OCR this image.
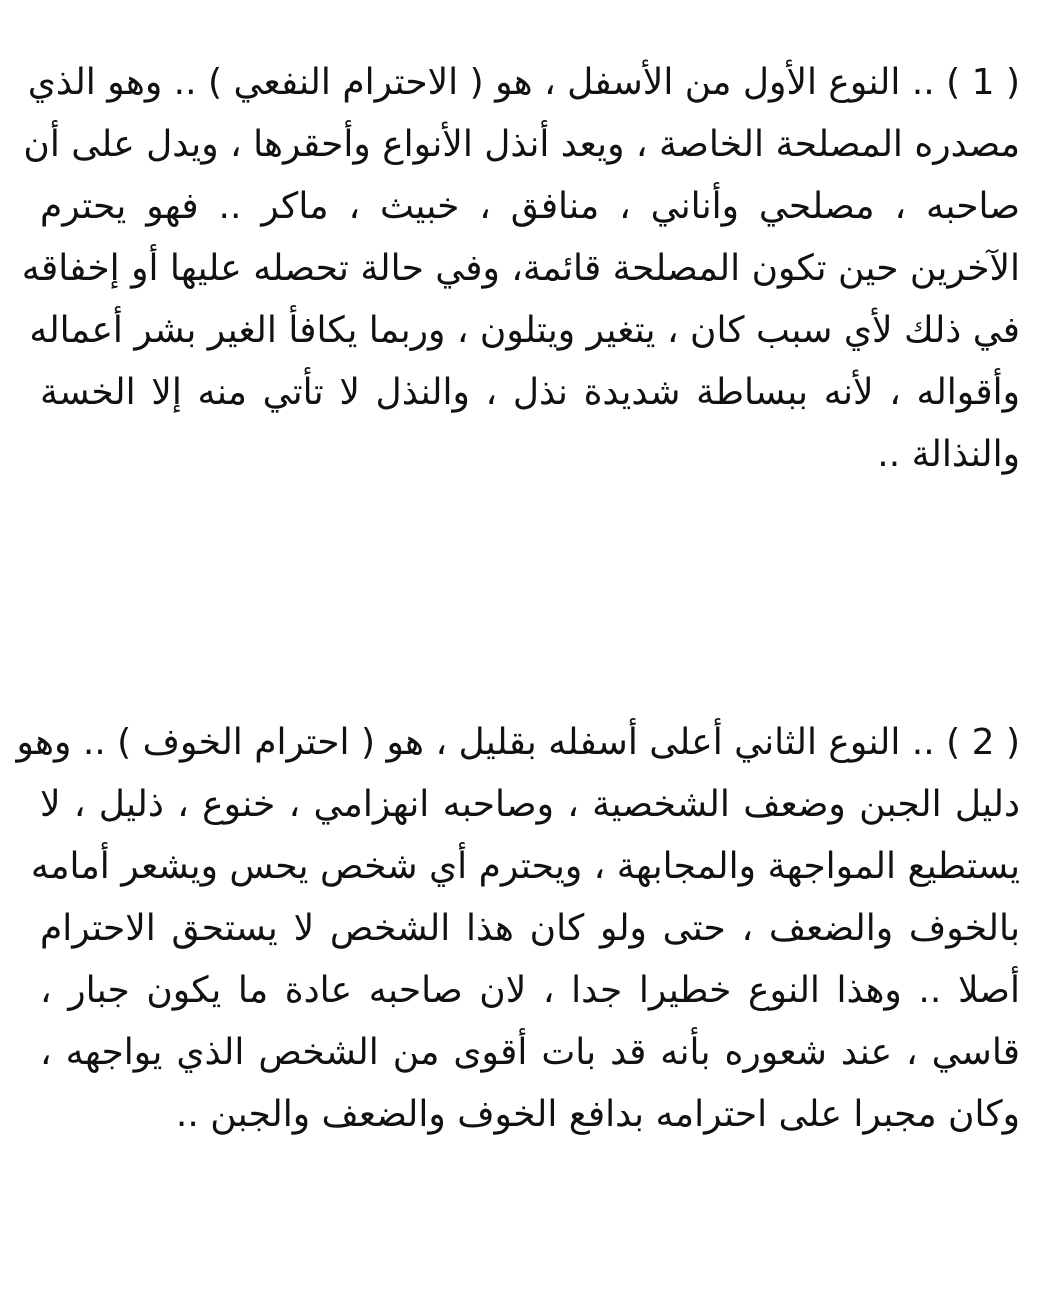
( 1 ) .. النوع الأول من الأسفل ، هو ( الاحترام النفعي ) .. وهو الذي
مصدره المصلحة الخاصة ، ويعد أنذل الأنواع وأحقرها ، ويدل على أن
صاحبه ، مصلحي وأناني ، منافق ، خبيث ، ماكر .. فهو يحترم
الآخرين حين تكون المصلحة قائمة، وفي حالة تحصله عليها أو إخفاقه
في ذلك لأي سبب كان ، يتغير ويتلون ، وربما يكافأ الغير بشر أعماله
وأقواله ، لأنه ببساطة شديدة نذل ، والنذل لا تأتي منه إلا الخسة
والنذالة ..
( 2 ) .. النوع الثاني أعلى أسفله بقليل ، هو ( احترام الخوف ) .. وهو
دليل الجبن وضعف الشخصية ، وصاحبه انهزامي ، خنوع ، ذليل ، لا
يستطيع المواجهة والمجابهة ، ويحترم أي شخص يحس ويشعر أمامه
بالخوف والضعف ، حتى ولو كان هذا الشخص لا يستحق الاحترام
أصلا .. وهذا النوع خطيرا جدا ، لان صاحبه عادة ما يكون جبار ،
قاسي ، عند شعوره بأنه قد بات أقوى من الشخص الذي يواجهه ،
وكان مجبرا على احترامه بدافع الخوف والضعف والجبن ..
